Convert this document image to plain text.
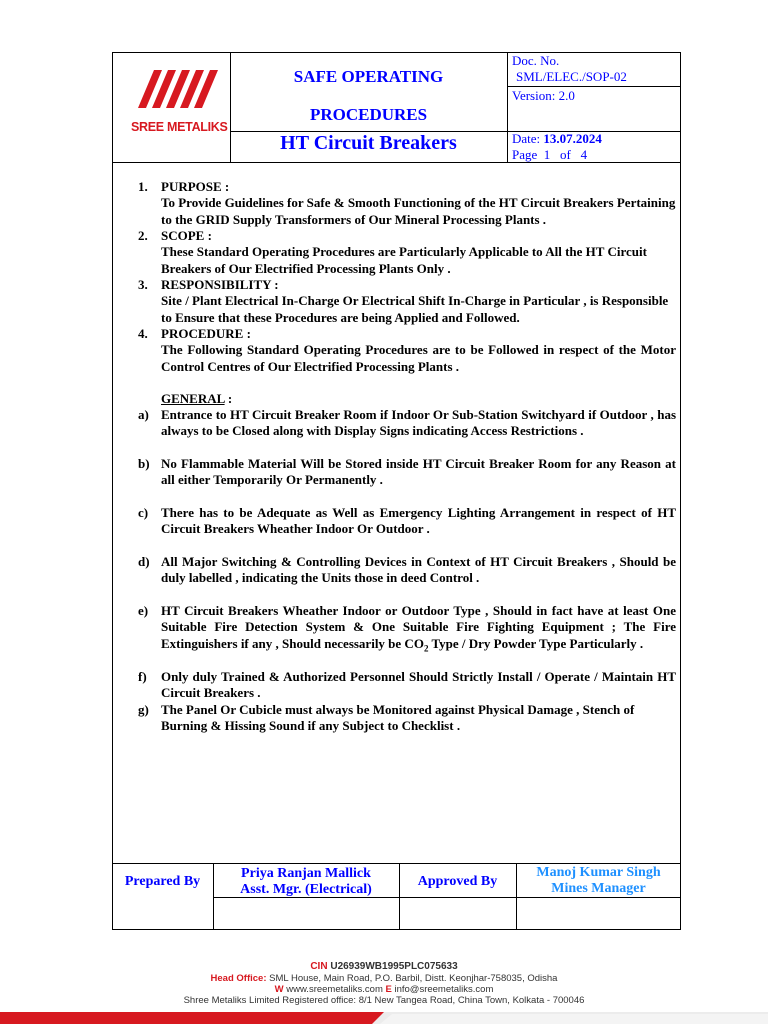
SREE METALIKS
SAFE OPERATING
PROCEDURES
HT Circuit Breakers
Doc. No.
SML/ELEC./SOP-02
Version: 2.0
Date: 13.07.2024
Page  1   of   4
1. PURPOSE :
To Provide Guidelines for Safe & Smooth Functioning of the HT Circuit Breakers Pertaining to the GRID Supply Transformers of Our Mineral Processing Plants .
2. SCOPE :
These Standard Operating Procedures are Particularly Applicable to All the HT Circuit Breakers of Our Electrified Processing Plants Only .
3. RESPONSIBILITY :
Site / Plant Electrical In-Charge Or Electrical Shift In-Charge in Particular , is Responsible to Ensure that these Procedures are being Applied and Followed.
4. PROCEDURE :
The Following Standard Operating Procedures are to be Followed in respect of the Motor Control Centres of Our Electrified Processing Plants .
GENERAL :
a) Entrance to HT Circuit Breaker Room if Indoor Or Sub-Station Switchyard if Outdoor , has always to be Closed along with Display Signs indicating Access Restrictions .
b) No Flammable Material Will be Stored inside HT Circuit Breaker Room for any Reason at all either Temporarily Or Permanently .
c) There has to be Adequate as Well as Emergency Lighting Arrangement in respect of HT Circuit Breakers Wheather Indoor Or Outdoor .
d) All Major Switching & Controlling Devices in Context of HT Circuit Breakers , Should be duly labelled , indicating the Units those in deed Control .
e) HT Circuit Breakers Wheather Indoor or Outdoor Type , Should in fact have at least One Suitable Fire Detection System & One Suitable Fire Fighting Equipment ; The Fire Extinguishers if any , Should necessarily be $CO_2$ Type / Dry Powder Type Particularly .
f) Only duly Trained & Authorized Personnel Should Strictly Install / Operate / Maintain HT Circuit Breakers .
g) The Panel Or Cubicle must always be Monitored against Physical Damage , Stench of Burning & Hissing Sound if any Subject to Checklist .
Prepared By
Priya Ranjan Mallick
Asst. Mgr. (Electrical)
Approved By
Manoj Kumar Singh
Mines Manager
CIN U26939WB1995PLC075633
Head Office: SML House, Main Road, P.O. Barbil, Distt. Keonjhar-758035, Odisha
W www.sreemetaliks.com E info@sreemetaliks.com
Shree Metaliks Limited Registered office: 8/1 New Tangea Road, China Town, Kolkata - 700046
